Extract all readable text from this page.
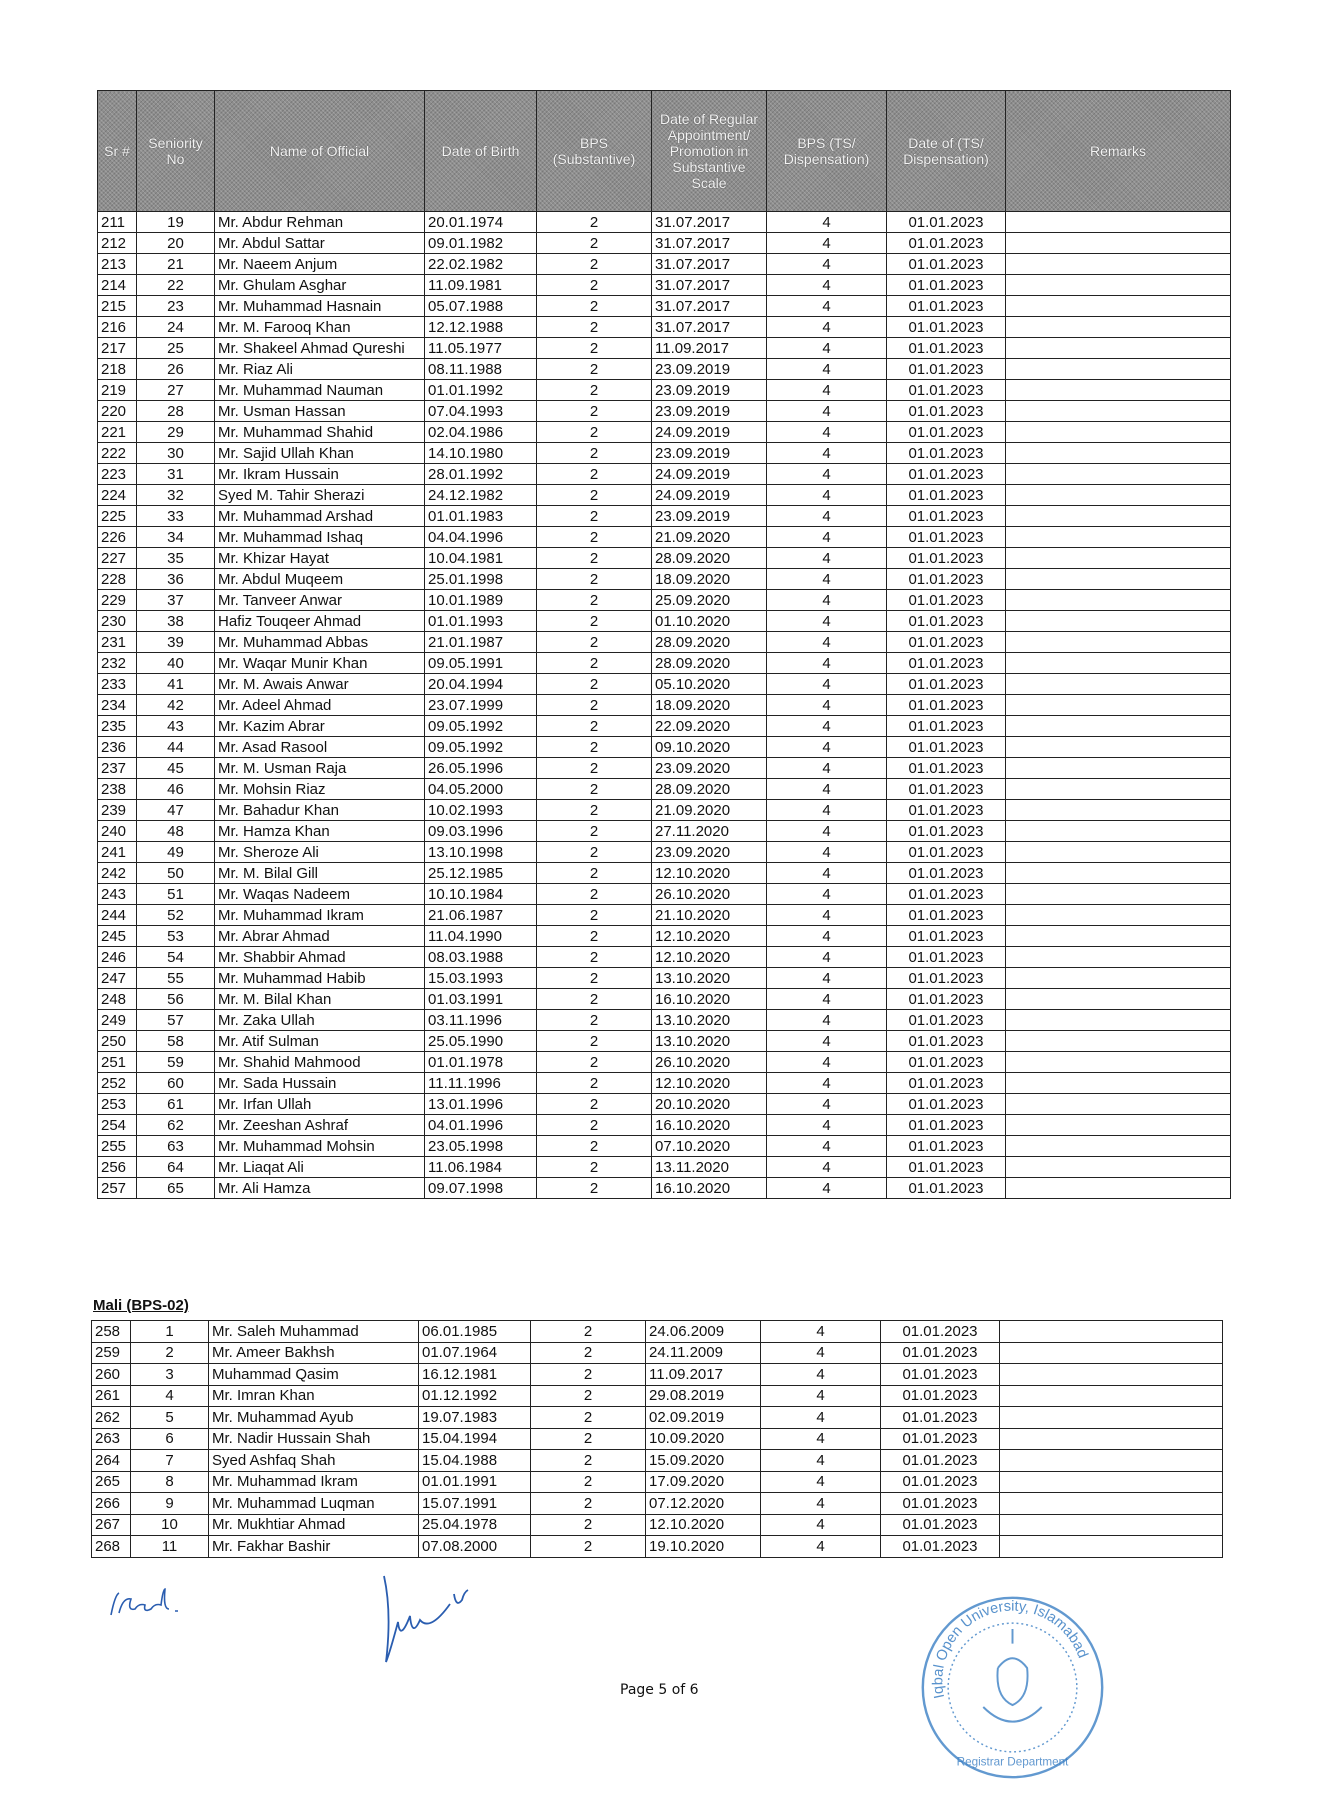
Sr #	Seniority No	Name of Official	Date of Birth	BPS (Substantive)	Date of Regular Appointment/ Promotion in Substantive Scale	BPS (TS/ Dispensation)	Date of (TS/ Dispensation)	Remarks
211	19	Mr. Abdur Rehman	20.01.1974	2	31.07.2017	4	01.01.2023	
212	20	Mr. Abdul Sattar	09.01.1982	2	31.07.2017	4	01.01.2023	
213	21	Mr. Naeem Anjum	22.02.1982	2	31.07.2017	4	01.01.2023	
214	22	Mr. Ghulam Asghar	11.09.1981	2	31.07.2017	4	01.01.2023	
215	23	Mr. Muhammad Hasnain	05.07.1988	2	31.07.2017	4	01.01.2023	
216	24	Mr. M. Farooq Khan	12.12.1988	2	31.07.2017	4	01.01.2023	
217	25	Mr. Shakeel Ahmad Qureshi	11.05.1977	2	11.09.2017	4	01.01.2023	
218	26	Mr. Riaz Ali	08.11.1988	2	23.09.2019	4	01.01.2023	
219	27	Mr. Muhammad Nauman	01.01.1992	2	23.09.2019	4	01.01.2023	
220	28	Mr. Usman Hassan	07.04.1993	2	23.09.2019	4	01.01.2023	
221	29	Mr. Muhammad Shahid	02.04.1986	2	24.09.2019	4	01.01.2023	
222	30	Mr. Sajid Ullah Khan	14.10.1980	2	23.09.2019	4	01.01.2023	
223	31	Mr. Ikram Hussain	28.01.1992	2	24.09.2019	4	01.01.2023	
224	32	Syed M. Tahir Sherazi	24.12.1982	2	24.09.2019	4	01.01.2023	
225	33	Mr. Muhammad Arshad	01.01.1983	2	23.09.2019	4	01.01.2023	
226	34	Mr. Muhammad Ishaq	04.04.1996	2	21.09.2020	4	01.01.2023	
227	35	Mr. Khizar Hayat	10.04.1981	2	28.09.2020	4	01.01.2023	
228	36	Mr. Abdul Muqeem	25.01.1998	2	18.09.2020	4	01.01.2023	
229	37	Mr. Tanveer Anwar	10.01.1989	2	25.09.2020	4	01.01.2023	
230	38	Hafiz Touqeer Ahmad	01.01.1993	2	01.10.2020	4	01.01.2023	
231	39	Mr. Muhammad Abbas	21.01.1987	2	28.09.2020	4	01.01.2023	
232	40	Mr. Waqar Munir Khan	09.05.1991	2	28.09.2020	4	01.01.2023	
233	41	Mr. M. Awais Anwar	20.04.1994	2	05.10.2020	4	01.01.2023	
234	42	Mr. Adeel Ahmad	23.07.1999	2	18.09.2020	4	01.01.2023	
235	43	Mr. Kazim Abrar	09.05.1992	2	22.09.2020	4	01.01.2023	
236	44	Mr. Asad Rasool	09.05.1992	2	09.10.2020	4	01.01.2023	
237	45	Mr. M. Usman Raja	26.05.1996	2	23.09.2020	4	01.01.2023	
238	46	Mr. Mohsin Riaz	04.05.2000	2	28.09.2020	4	01.01.2023	
239	47	Mr. Bahadur Khan	10.02.1993	2	21.09.2020	4	01.01.2023	
240	48	Mr. Hamza Khan	09.03.1996	2	27.11.2020	4	01.01.2023	
241	49	Mr. Sheroze Ali	13.10.1998	2	23.09.2020	4	01.01.2023	
242	50	Mr. M. Bilal Gill	25.12.1985	2	12.10.2020	4	01.01.2023	
243	51	Mr. Waqas Nadeem	10.10.1984	2	26.10.2020	4	01.01.2023	
244	52	Mr. Muhammad Ikram	21.06.1987	2	21.10.2020	4	01.01.2023	
245	53	Mr. Abrar Ahmad	11.04.1990	2	12.10.2020	4	01.01.2023	
246	54	Mr. Shabbir Ahmad	08.03.1988	2	12.10.2020	4	01.01.2023	
247	55	Mr. Muhammad Habib	15.03.1993	2	13.10.2020	4	01.01.2023	
248	56	Mr. M. Bilal Khan	01.03.1991	2	16.10.2020	4	01.01.2023	
249	57	Mr. Zaka Ullah	03.11.1996	2	13.10.2020	4	01.01.2023	
250	58	Mr. Atif Sulman	25.05.1990	2	13.10.2020	4	01.01.2023	
251	59	Mr. Shahid Mahmood	01.01.1978	2	26.10.2020	4	01.01.2023	
252	60	Mr. Sada Hussain	11.11.1996	2	12.10.2020	4	01.01.2023	
253	61	Mr. Irfan Ullah	13.01.1996	2	20.10.2020	4	01.01.2023	
254	62	Mr. Zeeshan Ashraf	04.01.1996	2	16.10.2020	4	01.01.2023	
255	63	Mr. Muhammad Mohsin	23.05.1998	2	07.10.2020	4	01.01.2023	
256	64	Mr. Liaqat Ali	11.06.1984	2	13.11.2020	4	01.01.2023	
257	65	Mr. Ali Hamza	09.07.1998	2	16.10.2020	4	01.01.2023	
Mali (BPS-02)
258	1	Mr. Saleh Muhammad	06.01.1985	2	24.06.2009	4	01.01.2023	
259	2	Mr. Ameer Bakhsh	01.07.1964	2	24.11.2009	4	01.01.2023	
260	3	Muhammad Qasim	16.12.1981	2	11.09.2017	4	01.01.2023	
261	4	Mr. Imran Khan	01.12.1992	2	29.08.2019	4	01.01.2023	
262	5	Mr. Muhammad Ayub	19.07.1983	2	02.09.2019	4	01.01.2023	
263	6	Mr. Nadir Hussain Shah	15.04.1994	2	10.09.2020	4	01.01.2023	
264	7	Syed Ashfaq Shah	15.04.1988	2	15.09.2020	4	01.01.2023	
265	8	Mr. Muhammad Ikram	01.01.1991	2	17.09.2020	4	01.01.2023	
266	9	Mr. Muhammad Luqman	15.07.1991	2	07.12.2020	4	01.01.2023	
267	10	Mr. Mukhtiar Ahmad	25.04.1978	2	12.10.2020	4	01.01.2023	
268	11	Mr. Fakhar Bashir	07.08.2000	2	19.10.2020	4	01.01.2023	
Page 5 of 6	Iqbal Open University, Islamabad
Registrar Department
